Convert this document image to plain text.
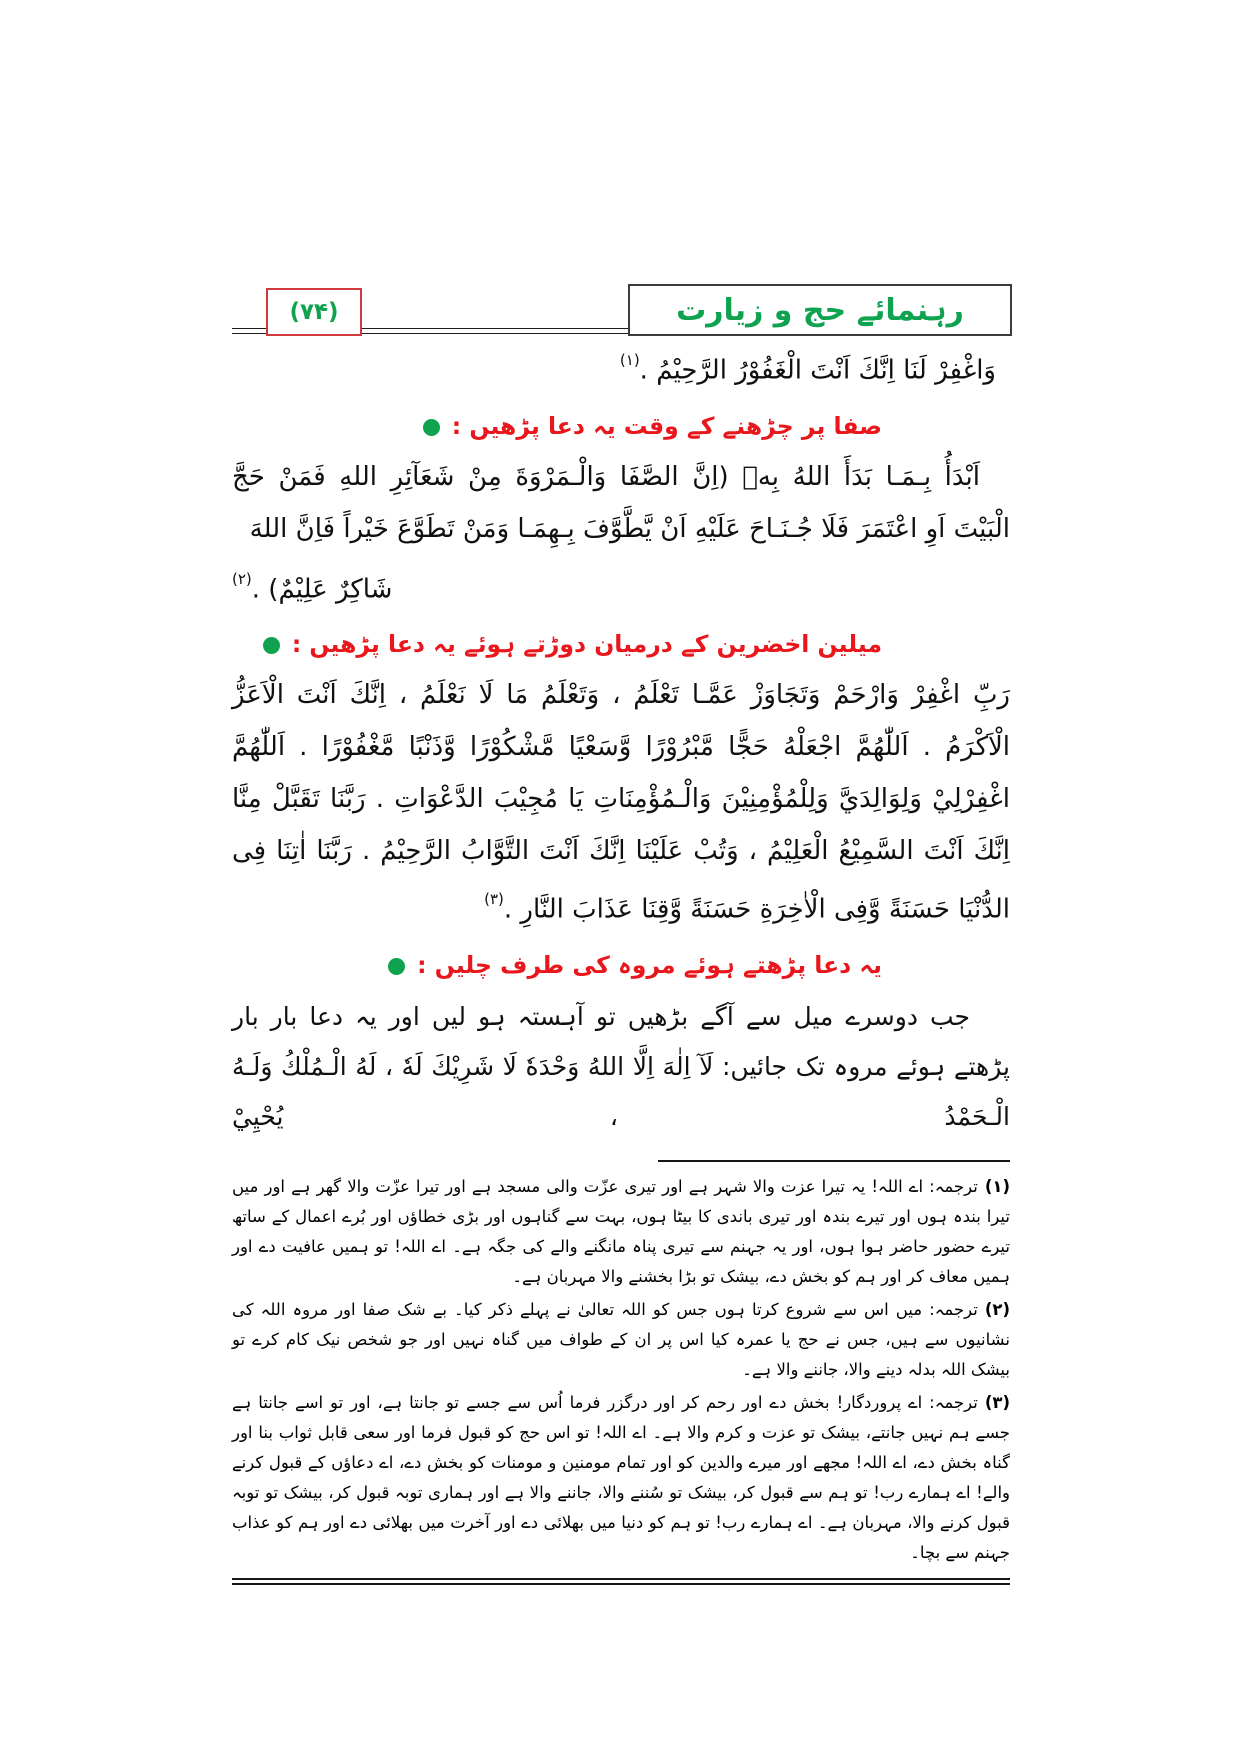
(۷۴)	رہنمائے حج و زیارت
وَاغْفِرْ لَنَا اِنَّكَ اَنْتَ الْغَفُوْرُ الرَّحِيْمُ .$^{(۱)}$
صفا پر چڑھنے کے وقت یہ دعا پڑھیں :

اَبْدَأُ بِـمَـا بَدَأَ اللهُ بِهٖ (اِنَّ الصَّفَا وَالْـمَرْوَةَ مِنْ شَعَآئِرِ اللهِ فَمَنْ حَجَّ الْبَيْتَ اَوِ اعْتَمَرَ فَلَا جُـنَـاحَ عَلَيْهِ اَنْ يَّطَّوَّفَ بِـهِمَـا وَمَنْ تَطَوَّعَ خَيْراً فَاِنَّ اللهَ

شَاكِرٌ عَلِيْمٌ) .$^{(۲)}$
میلین اخضرین کے درمیان دوڑتے ہوئے یہ دعا پڑھیں :

رَبِّ اغْفِرْ وَارْحَمْ وَتَجَاوَزْ عَمَّـا تَعْلَمُ ، وَتَعْلَمُ مَا لَا نَعْلَمُ ، اِنَّكَ اَنْتَ الْاَعَزُّ الْاَكْرَمُ . اَللّٰهُمَّ اجْعَلْهُ حَجًّا مَّبْرُوْرًا وَّسَعْيًا مَّشْكُوْرًا وَّذَنْبًا مَّغْفُوْرًا . اَللّٰهُمَّ اغْفِرْلِيْ وَلِوَالِدَيَّ وَلِلْمُؤْمِنِيْنَ وَالْـمُؤْمِنَاتِ يَا مُجِيْبَ الدَّعْوَاتِ . رَبَّنَا تَقَبَّلْ مِنَّا اِنَّكَ اَنْتَ السَّمِيْعُ الْعَلِيْمُ ، وَتُبْ عَلَيْنَا اِنَّكَ اَنْتَ التَّوَّابُ الرَّحِيْمُ . رَبَّنَا اٰتِنَا فِى الدُّنْيَا حَسَنَةً وَّفِى الْاٰخِرَةِ حَسَنَةً وَّقِنَا عَذَابَ النَّارِ .$^{(۳)}$

یہ دعا پڑھتے ہوئے مروہ کی طرف چلیں :

جب دوسرے میل سے آگے بڑھیں تو آہستہ ہو لیں اور یہ دعا بار بار پڑھتے ہوئے مروہ تک جائیں: لَآ اِلٰهَ اِلَّا اللهُ وَحْدَهٗ لَا شَرِيْكَ لَهٗ ، لَهُ الْـمُلْكُ وَلَـهُ الْـحَمْدُ ، يُحْيِيْ

(۱)ترجمہ: اے اللہ! یہ تیرا عزت والا شہر ہے اور تیری عزّت والی مسجد ہے اور تیرا عزّت والا گھر ہے اور میں تیرا بندہ ہوں اور تیرے بندہ اور تیری باندی کا بیٹا ہوں، بہت سے گناہوں اور بڑی خطاؤں اور بُرے اعمال کے ساتھ تیرے حضور حاضر ہوا ہوں، اور یہ جہنم سے تیری پناہ مانگنے والے کی جگہ ہے۔ اے اللہ! تو ہمیں عافیت دے اور ہمیں معاف کر اور ہم کو بخش دے، بیشک تو بڑا بخشنے والا مہربان ہے۔

(۲)ترجمہ: میں اس سے شروع کرتا ہوں جس کو اللہ تعالیٰ نے پہلے ذکر کیا۔ بے شک صفا اور مروہ اللہ کی نشانیوں سے ہیں، جس نے حج یا عمرہ کیا اس پر ان کے طواف میں گناہ نہیں اور جو شخص نیک کام کرے تو بیشک اللہ بدلہ دینے والا، جاننے والا ہے۔

(۳)ترجمہ: اے پروردگار! بخش دے اور رحم کر اور درگزر فرما اُس سے جسے تو جانتا ہے، اور تو اسے جانتا ہے جسے ہم نہیں جانتے، بیشک تو عزت و کرم والا ہے۔ اے اللہ! تو اس حج کو قبول فرما اور سعی قابل ثواب بنا اور گناہ بخش دے، اے اللہ! مجھے اور میرے والدین کو اور تمام مومنین و مومنات کو بخش دے، اے دعاؤں کے قبول کرنے والے! اے ہمارے رب! تو ہم سے قبول کر، بیشک تو سُننے والا، جاننے والا ہے اور ہماری توبہ قبول کر، بیشک تو توبہ قبول کرنے والا، مہربان ہے۔ اے ہمارے رب! تو ہم کو دنیا میں بھلائی دے اور آخرت میں بھلائی دے اور ہم کو عذاب جہنم سے بچا۔
